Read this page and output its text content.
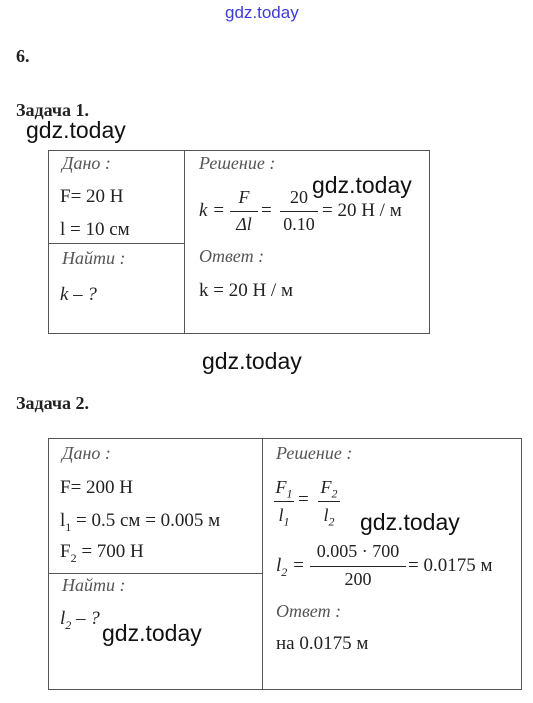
gdz.today
gdz.today
gdz.today
gdz.today
gdz.today
gdz.today
6.
Задача 1.
Дано :
F= 20 Н
l = 10 см
Найти :
k – ?
Решение :
k =
F
Δl
=
20
0.10
= 20 Н / м
Ответ :
k = 20 Н / м
Задача 2.
Дано :
F= 200 Н
$l_1 = 0.5$ см = 0.005 м
$F_2 = 700$ Н
Найти :
$l_2$ – ?
Решение :
$F_1$
$l_1$
=
$F_2$
$l_2$
$l_2$ =
0.005 · 700
200
= 0.0175 м
Ответ :
на 0.0175 м
